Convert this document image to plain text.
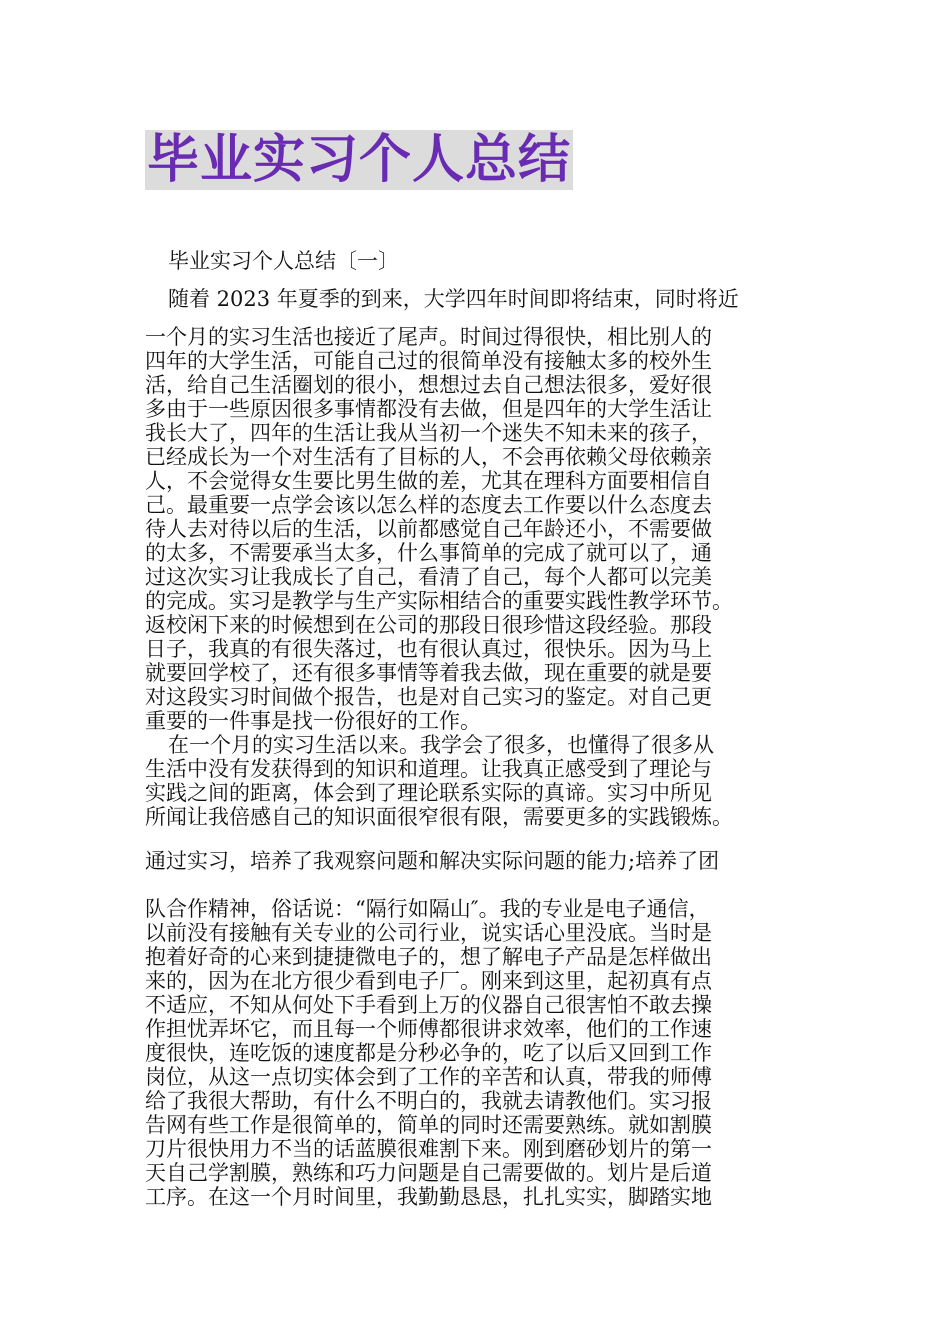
毕业实习个人总结
毕业实习个人总结〔一〕
随着 2023 年夏季的到来，大学四年时间即将结束，同时将近
一个月的实习生活也接近了尾声。时间过得很快，相比别人的
四年的大学生活，可能自己过的很简单没有接触太多的校外生
活，给自己生活圈划的很小，想想过去自己想法很多，爱好很
多由于一些原因很多事情都没有去做，但是四年的大学生活让
我长大了，四年的生活让我从当初一个迷失不知未来的孩子，
已经成长为一个对生活有了目标的人，不会再依赖父母依赖亲
人，不会觉得女生要比男生做的差，尤其在理科方面要相信自
己。最重要一点学会该以怎么样的态度去工作要以什么态度去
待人去对待以后的生活，以前都感觉自己年龄还小，不需要做
的太多，不需要承当太多，什么事简单的完成了就可以了，通
过这次实习让我成长了自己，看清了自己，每个人都可以完美
的完成。实习是教学与生产实际相结合的重要实践性教学环节。
返校闲下来的时候想到在公司的那段日很珍惜这段经验。那段
日子，我真的有很失落过，也有很认真过，很快乐。因为马上
就要回学校了，还有很多事情等着我去做，现在重要的就是要
对这段实习时间做个报告，也是对自己实习的鉴定。对自己更
重要的一件事是找一份很好的工作。
在一个月的实习生活以来。我学会了很多，也懂得了很多从
生活中没有发获得到的知识和道理。让我真正感受到了理论与
实践之间的距离，体会到了理论联系实际的真谛。实习中所见
所闻让我倍感自己的知识面很窄很有限，需要更多的实践锻炼。
通过实习，培养了我观察问题和解决实际问题的能力;培养了团
队合作精神，俗话说：“隔行如隔山″。我的专业是电子通信，
以前没有接触有关专业的公司行业，说实话心里没底。当时是
抱着好奇的心来到捷捷微电子的，想了解电子产品是怎样做出
来的，因为在北方很少看到电子厂。刚来到这里，起初真有点
不适应，不知从何处下手看到上万的仪器自己很害怕不敢去操
作担忧弄坏它，而且每一个师傅都很讲求效率，他们的工作速
度很快，连吃饭的速度都是分秒必争的，吃了以后又回到工作
岗位，从这一点切实体会到了工作的辛苦和认真，带我的师傅
给了我很大帮助，有什么不明白的，我就去请教他们。实习报
告网有些工作是很简单的，简单的同时还需要熟练。就如割膜
刀片很快用力不当的话蓝膜很难割下来。刚到磨砂划片的第一
天自己学割膜，熟练和巧力问题是自己需要做的。划片是后道
工序。在这一个月时间里，我勤勤恳恳，扎扎实实，脚踏实地
